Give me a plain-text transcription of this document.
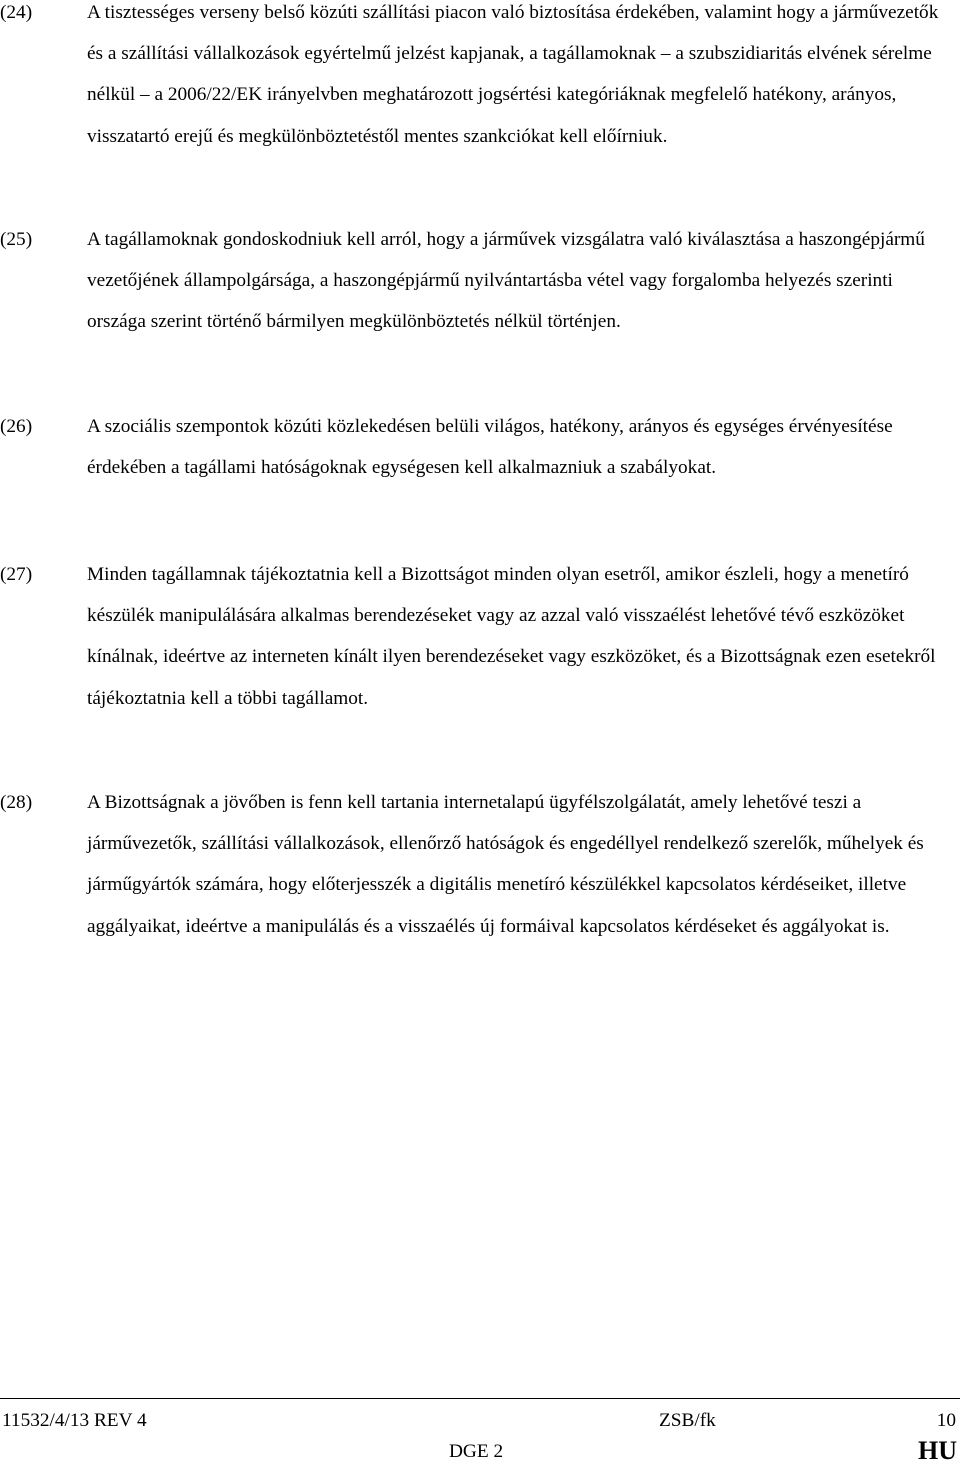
(24)	A tisztességes verseny belső közúti szállítási piacon való biztosítása érdekében, valamint hogy a járművezetők és a szállítási vállalkozások egyértelmű jelzést kapjanak, a tagállamoknak – a szubszidiaritás elvének sérelme nélkül – a 2006/22/EK irányelvben meghatározott jogsértési kategóriáknak megfelelő hatékony, arányos, visszatartó erejű és megkülönböztetéstől mentes szankciókat kell előírniuk.
(25)	A tagállamoknak gondoskodniuk kell arról, hogy a járművek vizsgálatra való kiválasztása a haszongépjármű vezetőjének állampolgársága, a haszongépjármű nyilvántartásba vétel vagy forgalomba helyezés szerinti országa szerint történő bármilyen megkülönböztetés nélkül történjen.
(26)	A szociális szempontok közúti közlekedésen belüli világos, hatékony, arányos és egységes érvényesítése érdekében a tagállami hatóságoknak egységesen kell alkalmazniuk a szabályokat.
(27)	Minden tagállamnak tájékoztatnia kell a Bizottságot minden olyan esetről, amikor észleli, hogy a menetíró készülék manipulálására alkalmas berendezéseket vagy az azzal való visszaélést lehetővé tévő eszközöket kínálnak, ideértve az interneten kínált ilyen berendezéseket vagy eszközöket, és a Bizottságnak ezen esetekről tájékoztatnia kell a többi tagállamot.
(28)	A Bizottságnak a jövőben is fenn kell tartania internetalapú ügyfélszolgálatát, amely lehetővé teszi a járművezetők, szállítási vállalkozások, ellenőrző hatóságok és engedéllyel rendelkező szerelők, műhelyek és járműgyártók számára, hogy előterjesszék a digitális menetíró készülékkel kapcsolatos kérdéseiket, illetve aggályaikat, ideértve a manipulálás és a visszaélés új formáival kapcsolatos kérdéseket és aggályokat is.
11532/4/13 REV 4	ZSB/fk	10
DGE 2	HU
